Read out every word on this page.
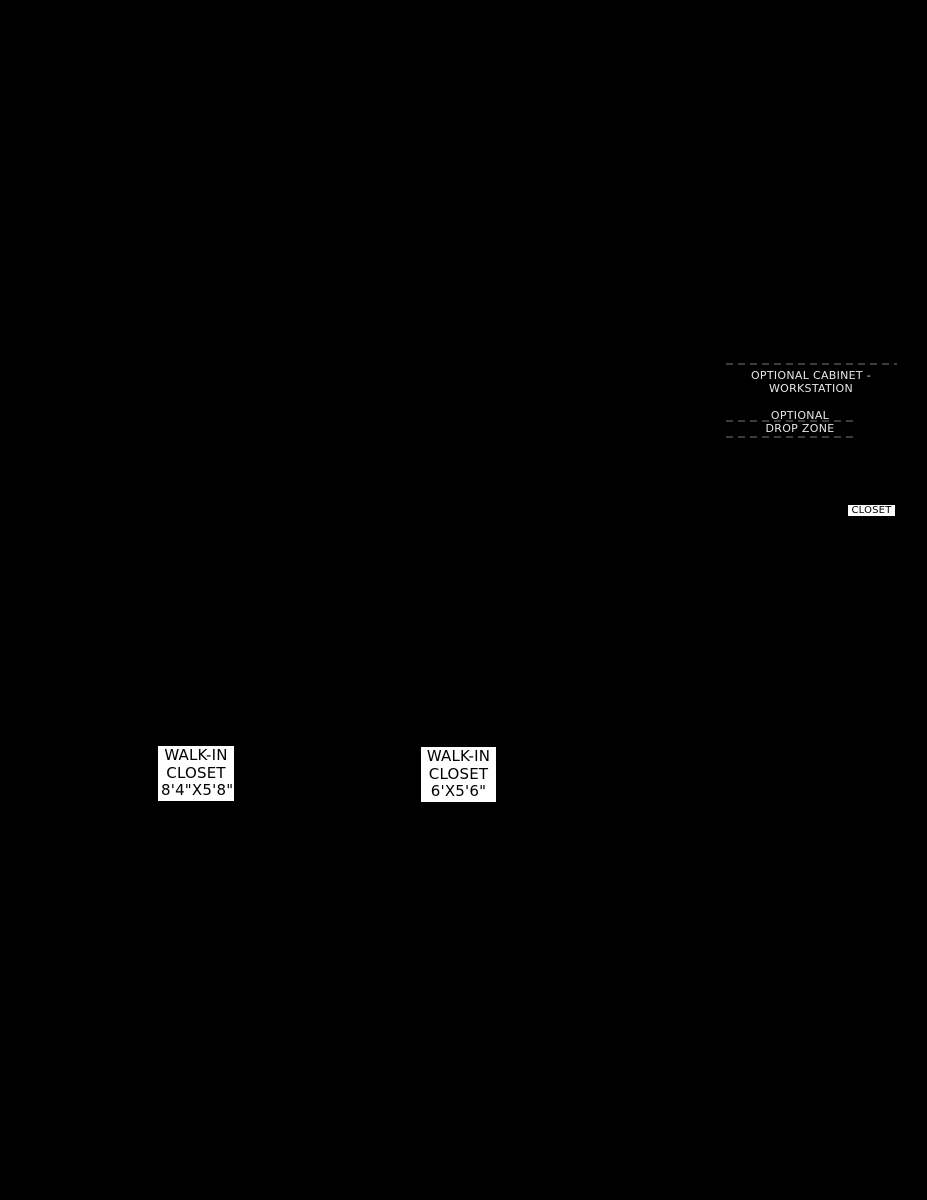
WALK-IN
CLOSET
8'4"X5'8"
WALK-IN
CLOSET
6'X5'6"
OPTIONAL CABINET -
WORKSTATION
OPTIONAL
DROP ZONE
CLOSET
